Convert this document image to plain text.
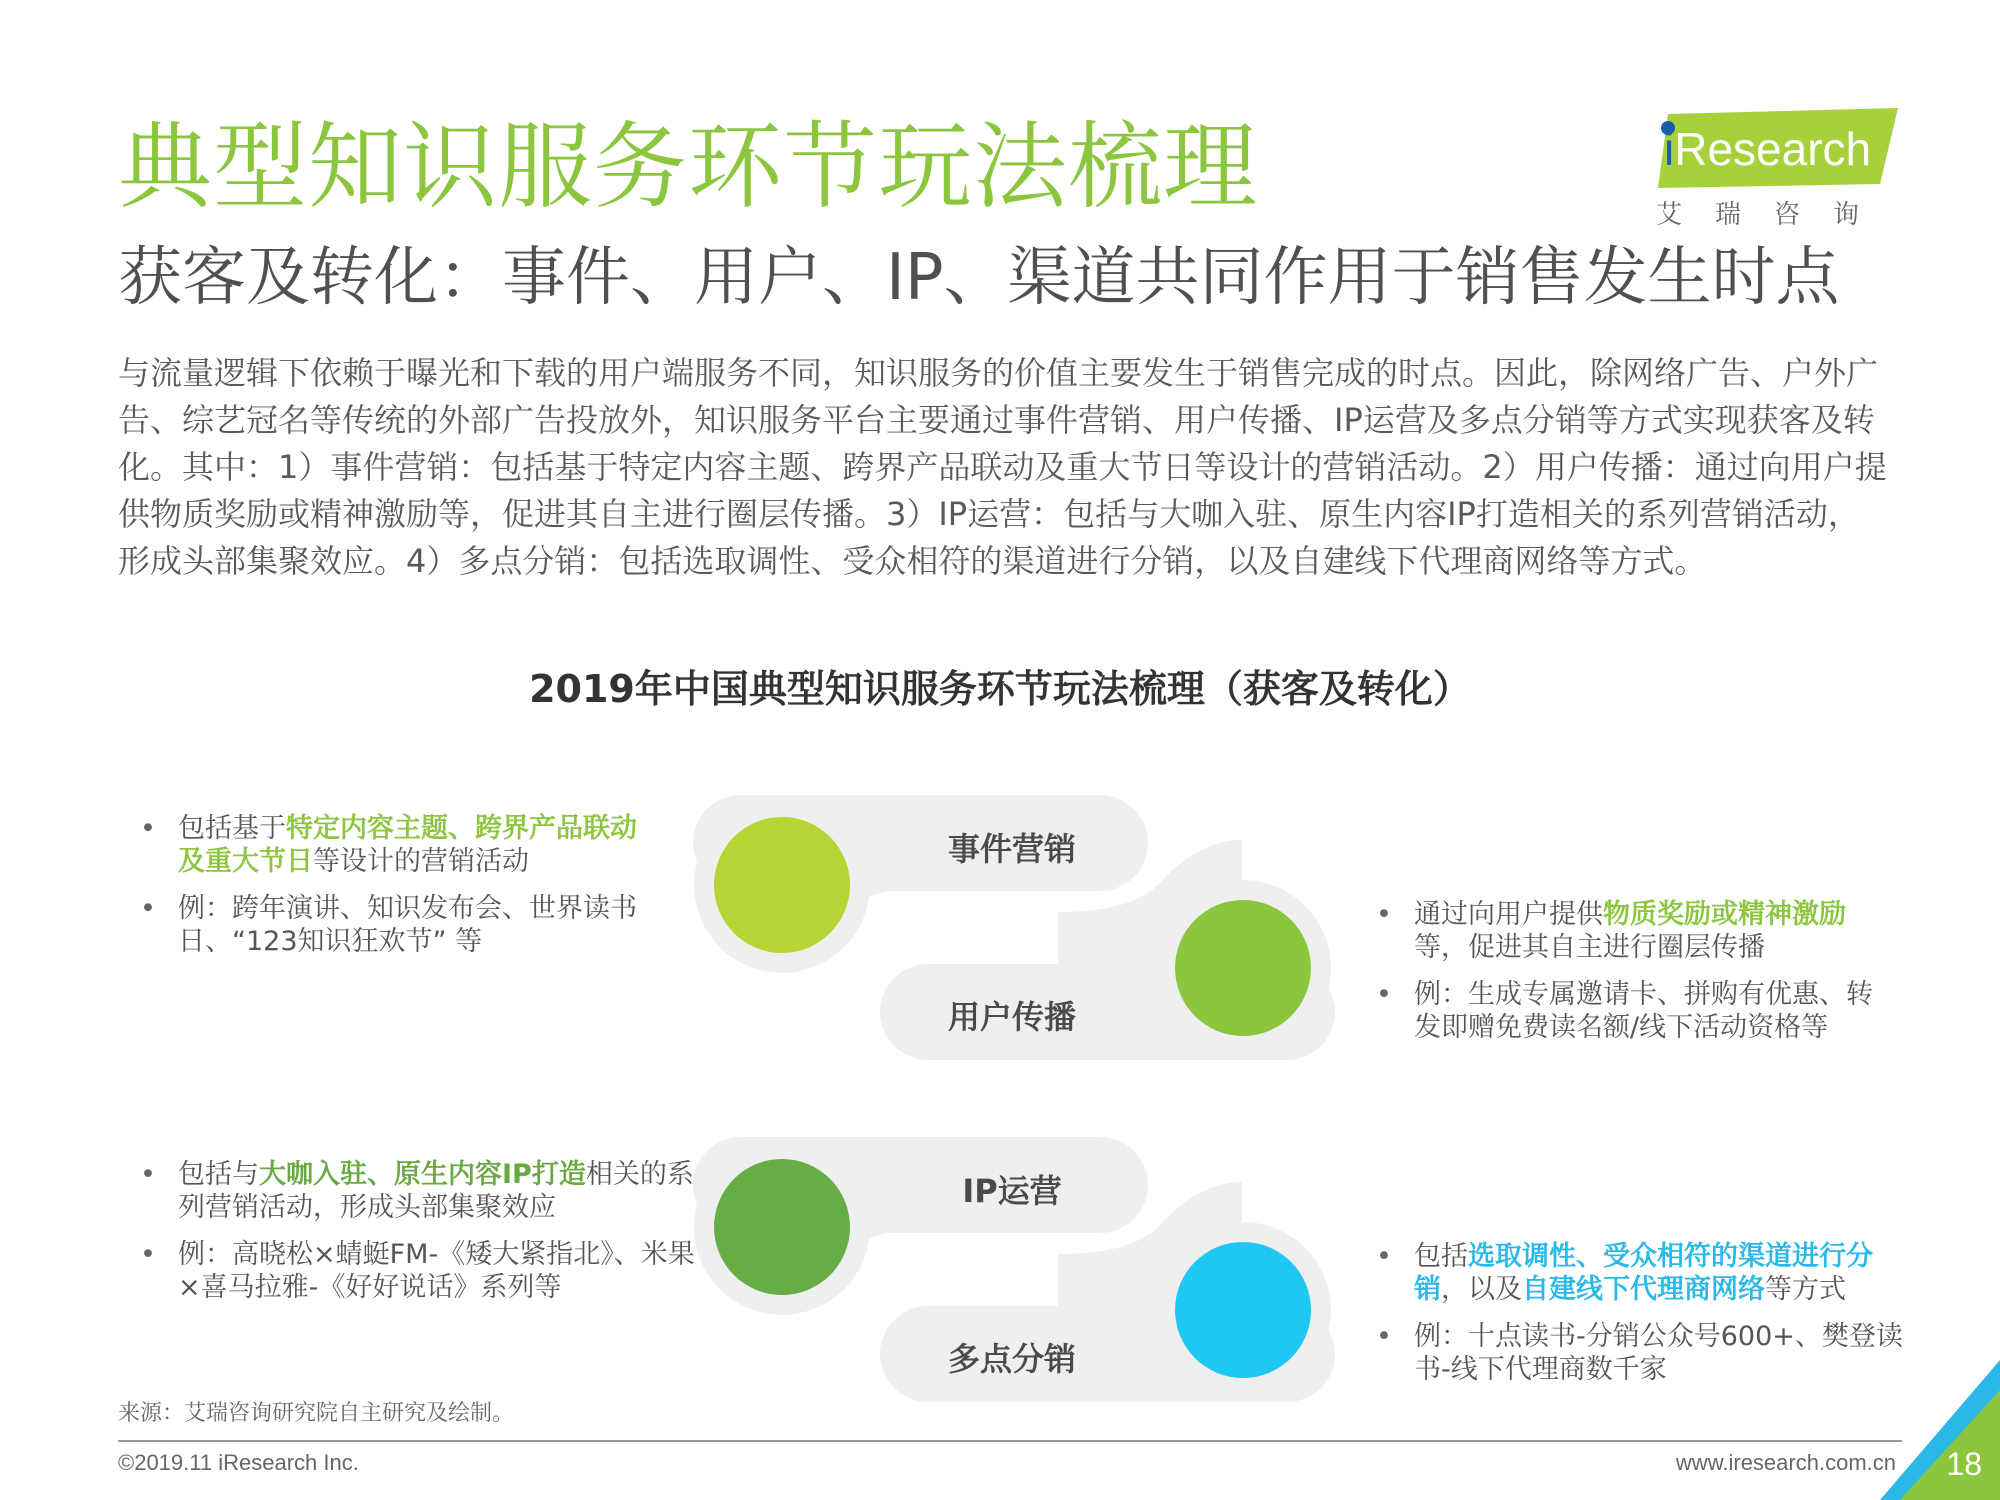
典型知识服务环节玩法梳理
获客及转化：事件、用户、IP、渠道共同作用于销售发生时点
iResearch
艾瑞咨询

与流量逻辑下依赖于曝光和下载的用户端服务不同，知识服务的价值主要发生于销售完成的时点。因此，除网络广告、户外广告、综艺冠名等传统的外部广告投放外，知识服务平台主要通过事件营销、用户传播、IP运营及多点分销等方式实现获客及转化。其中：1）事件营销：包括基于特定内容主题、跨界产品联动及重大节日等设计的营销活动。2）用户传播：通过向用户提供物质奖励或精神激励等，促进其自主进行圈层传播。3）IP运营：包括与大咖入驻、原生内容IP打造相关的系列营销活动，形成头部集聚效应。4）多点分销：包括选取调性、受众相符的渠道进行分销，以及自建线下代理商网络等方式。

2019年中国典型知识服务环节玩法梳理（获客及转化）
事件营销
用户传播
IP运营
多点分销
• 包括基于特定内容主题、跨界产品联动及重大节日等设计的营销活动
• 例：跨年演讲、知识发布会、世界读书日、“123知识狂欢节” 等
• 通过向用户提供物质奖励或精神激励等，促进其自主进行圈层传播
• 例：生成专属邀请卡、拼购有优惠、转发即赠免费读名额/线下活动资格等
• 包括与大咖入驻、原生内容IP打造相关的系列营销活动，形成头部集聚效应
• 例：高晓松×蜻蜓FM-《矮大紧指北》、米果×喜马拉雅-《好好说话》系列等
• 包括选取调性、受众相符的渠道进行分销，以及自建线下代理商网络等方式
• 例：十点读书-分销公众号600+、樊登读书-线下代理商数千家
来源：艾瑞咨询研究院自主研究及绘制。
©2019.11 iResearch Inc.	www.iresearch.com.cn 18
